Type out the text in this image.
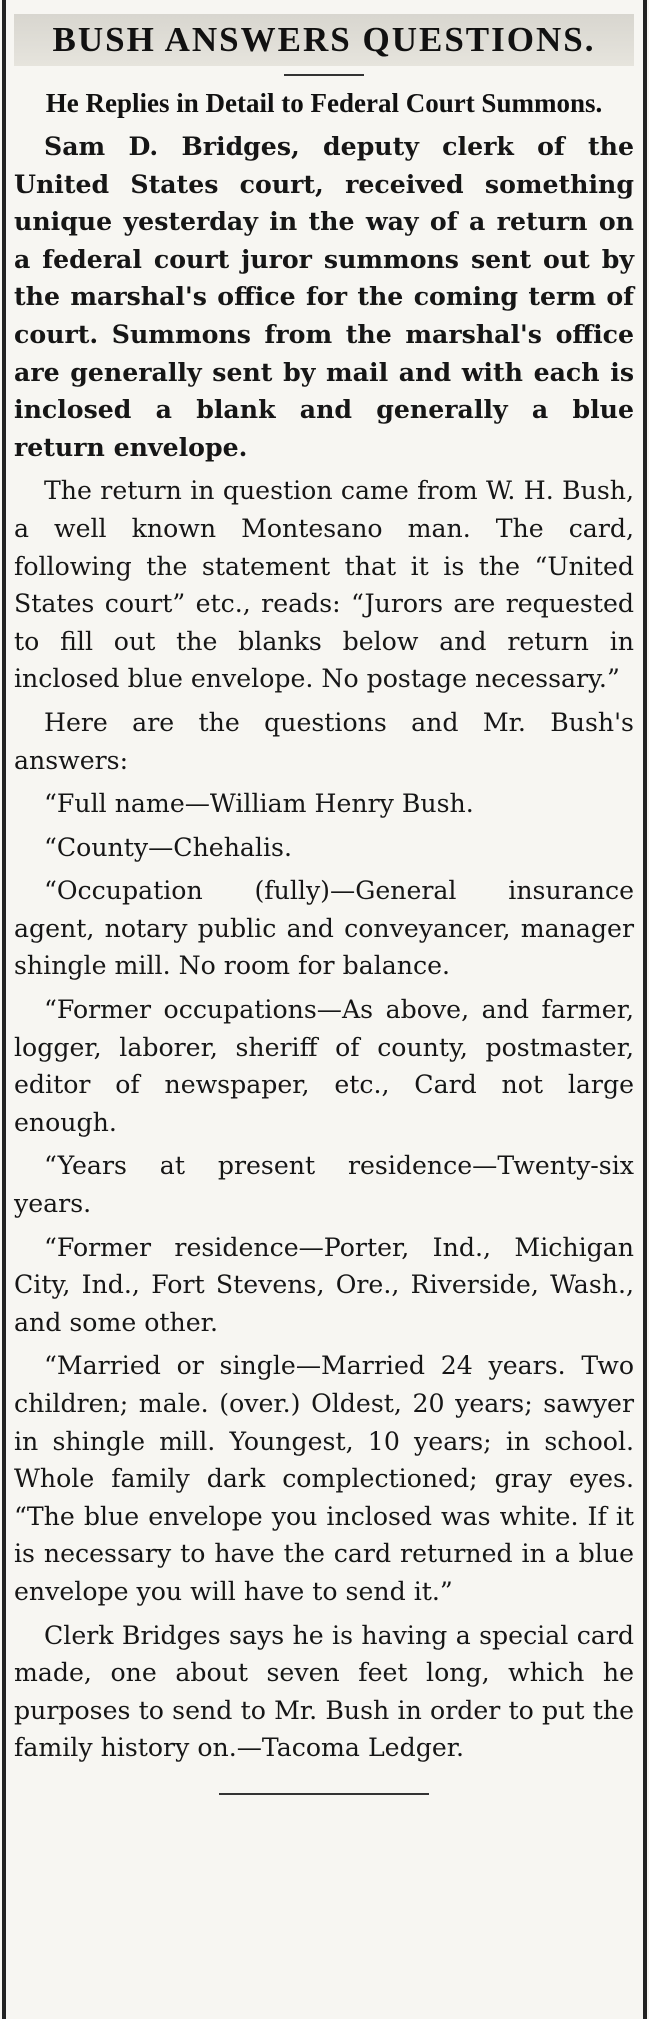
BUSH ANSWERS QUESTIONS.
He Replies in Detail to Federal Court Summons.

Sam D. Bridges, deputy clerk of the United States court, received something unique yesterday in the way of a return on a federal court juror summons sent out by the marshal's office for the coming term of court. Summons from the marshal's office are generally sent by mail and with each is inclosed a blank and generally a blue return envelope.

The return in question came from W. H. Bush, a well known Montesano man. The card, following the statement that it is the “United States court” etc., reads: “Jurors are requested to fill out the blanks below and return in inclosed blue envelope. No postage necessary.”

Here are the questions and Mr. Bush's answers:

“Full name—William Henry Bush.

“County—Chehalis.

“Occupation (fully)—General insurance agent, notary public and conveyancer, manager shingle mill. No room for balance.

“Former occupations—As above, and farmer, logger, laborer, sheriff of county, postmaster, editor of newspaper, etc., Card not large enough.

“Years at present residence—Twenty-six years.

“Former residence—Porter, Ind., Michigan City, Ind., Fort Stevens, Ore., Riverside, Wash., and some other.

“Married or single—Married 24 years. Two children; male. (over.) Oldest, 20 years; sawyer in shingle mill. Youngest, 10 years; in school. Whole family dark complectioned; gray eyes. “The blue envelope you inclosed was white. If it is necessary to have the card returned in a blue envelope you will have to send it.”

Clerk Bridges says he is having a special card made, one about seven feet long, which he purposes to send to Mr. Bush in order to put the family history on.—Tacoma Ledger.
